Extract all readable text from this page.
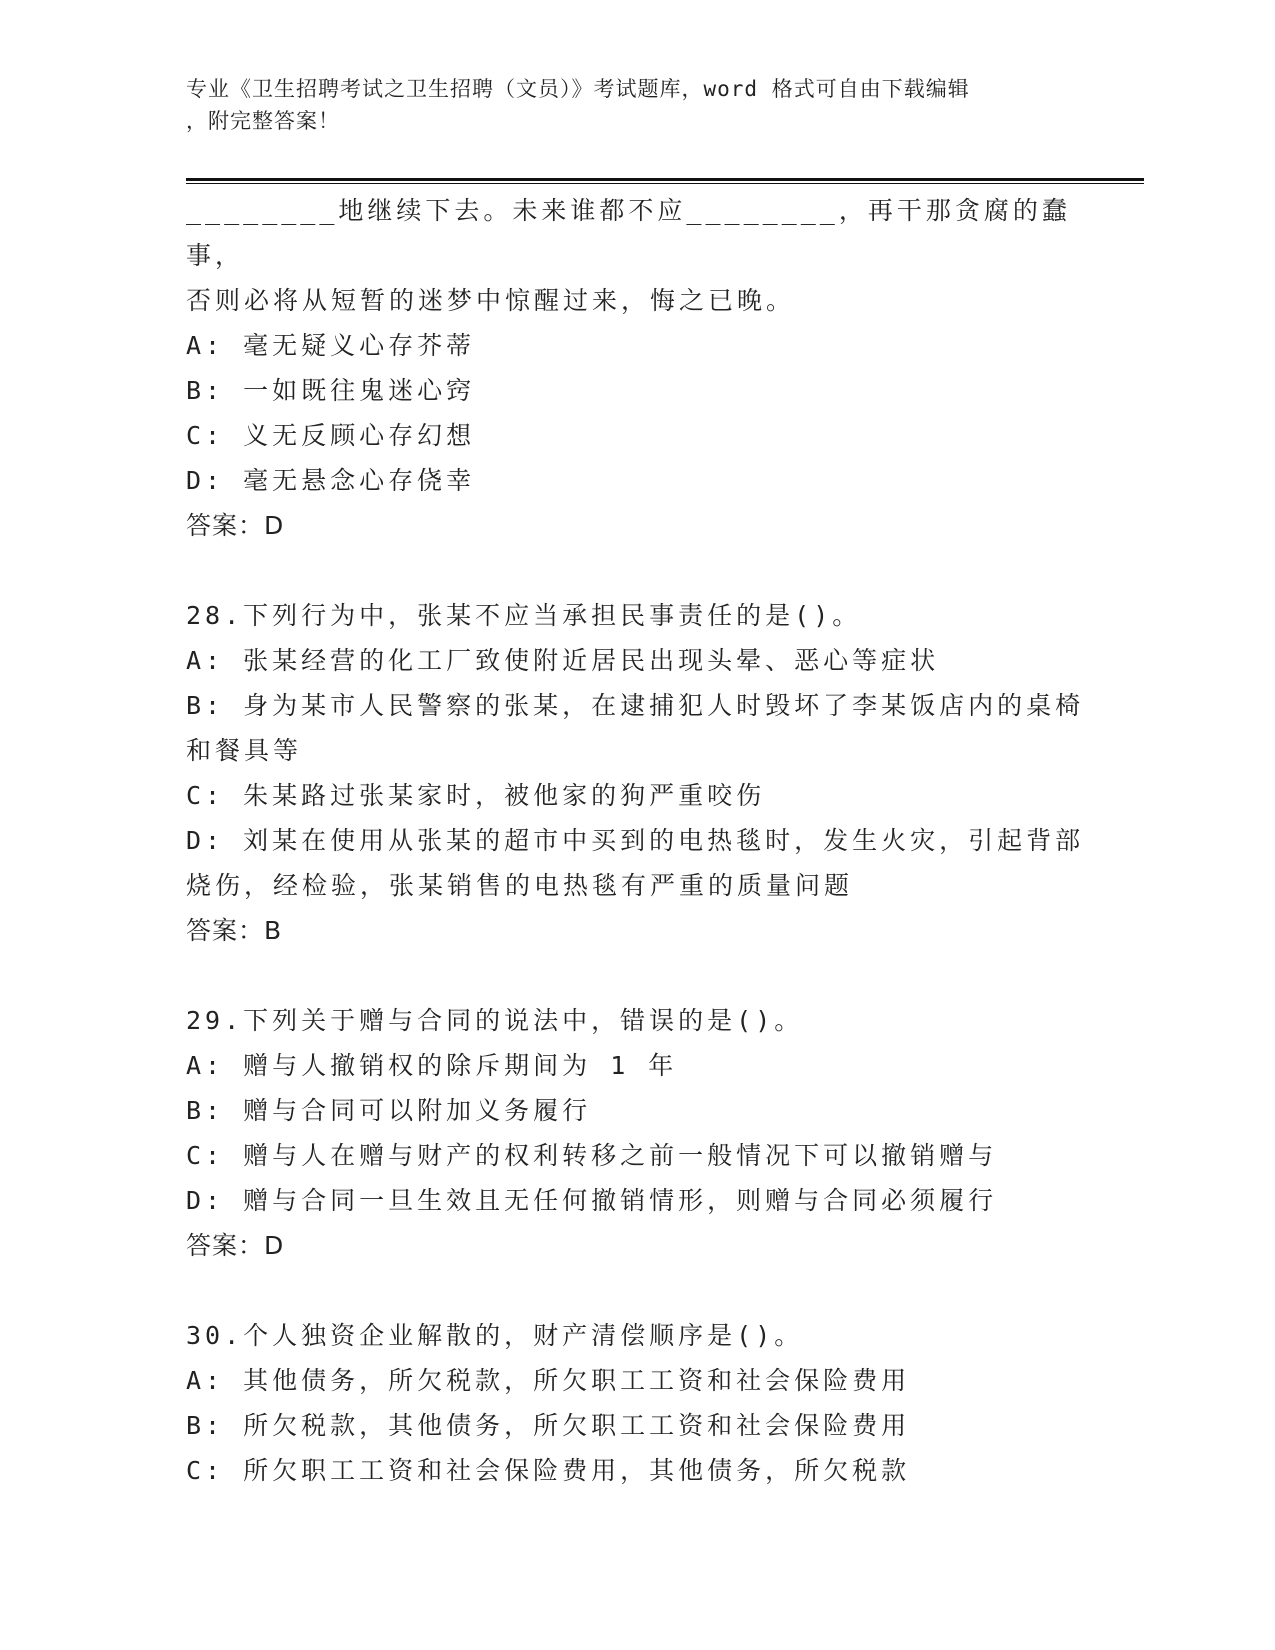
专业《卫生招聘考试之卫生招聘（文员）》考试题库，word 格式可自由下载编辑
，附完整答案！
________地继续下去。未来谁都不应________，再干那贪腐的蠢事，
否则必将从短暂的迷梦中惊醒过来，悔之已晚。
A: 毫无疑义心存芥蒂
B: 一如既往鬼迷心窍
C: 义无反顾心存幻想
D: 毫无悬念心存侥幸
答案：D
28.下列行为中，张某不应当承担民事责任的是()。
A: 张某经营的化工厂致使附近居民出现头晕、恶心等症状
B: 身为某市人民警察的张某，在逮捕犯人时毁坏了李某饭店内的桌椅
和餐具等
C: 朱某路过张某家时，被他家的狗严重咬伤
D: 刘某在使用从张某的超市中买到的电热毯时，发生火灾，引起背部
烧伤，经检验，张某销售的电热毯有严重的质量问题
答案：B
29.下列关于赠与合同的说法中，错误的是()。
A: 赠与人撤销权的除斥期间为 1 年
B: 赠与合同可以附加义务履行
C: 赠与人在赠与财产的权利转移之前一般情况下可以撤销赠与
D: 赠与合同一旦生效且无任何撤销情形，则赠与合同必须履行
答案：D
30.个人独资企业解散的，财产清偿顺序是()。
A: 其他债务，所欠税款，所欠职工工资和社会保险费用
B: 所欠税款，其他债务，所欠职工工资和社会保险费用
C: 所欠职工工资和社会保险费用，其他债务，所欠税款
